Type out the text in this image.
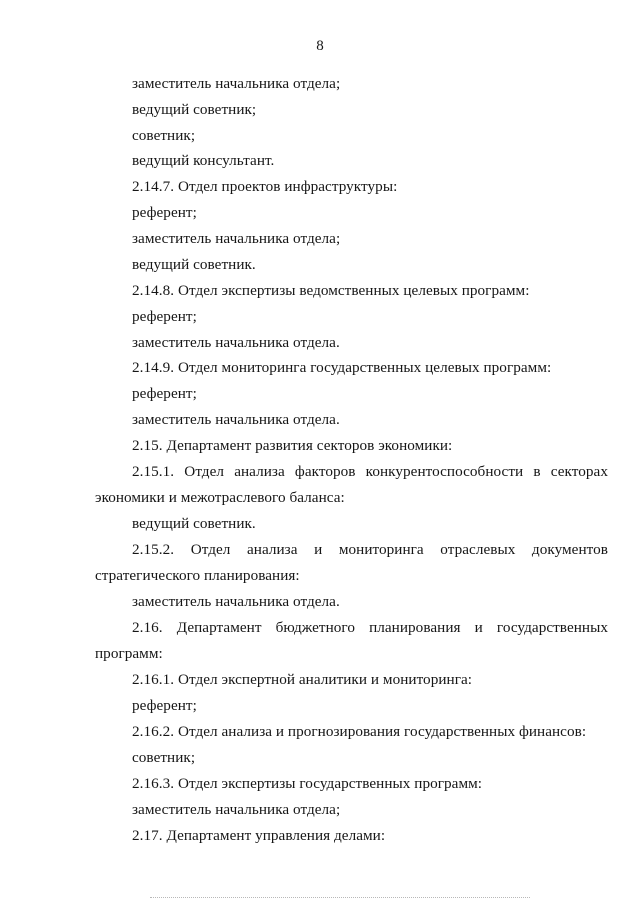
8
заместитель начальника отдела;
ведущий советник;
советник;
ведущий консультант.
2.14.7. Отдел проектов инфраструктуры:
референт;
заместитель начальника отдела;
ведущий советник.
2.14.8. Отдел экспертизы ведомственных целевых программ:
референт;
заместитель начальника отдела.
2.14.9. Отдел мониторинга государственных целевых программ:
референт;
заместитель начальника отдела.
2.15. Департамент развития секторов экономики:
2.15.1. Отдел анализа факторов конкурентоспособности в секторах
экономики и межотраслевого баланса:
ведущий советник.
2.15.2. Отдел анализа и мониторинга отраслевых документов
стратегического планирования:
заместитель начальника отдела.
2.16. Департамент бюджетного планирования и государственных
программ:
2.16.1. Отдел экспертной аналитики и мониторинга:
референт;
2.16.2. Отдел анализа и прогнозирования государственных финансов:
советник;
2.16.3. Отдел экспертизы государственных программ:
заместитель начальника отдела;
2.17. Департамент управления делами:
